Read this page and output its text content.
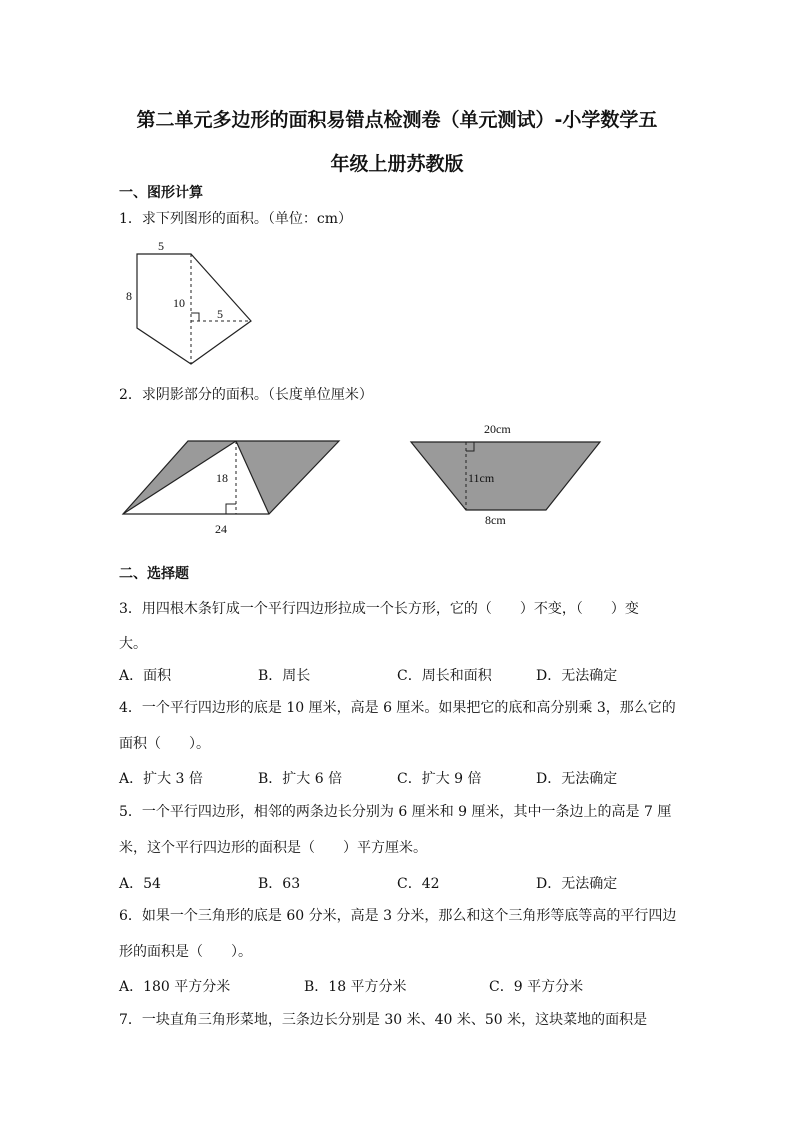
第二单元多边形的面积易错点检测卷（单元测试）-小学数学五
年级上册苏教版
一、图形计算
1．求下列图形的面积。（单位：cm）
5
8	10
5
2．求阴影部分的面积。（长度单位厘米）
18
24
20cm
11cm
8cm
二、选择题
3．用四根木条钉成一个平行四边形拉成一个长方形，它的（　　）不变，（　　）变
大。
A．面积	B．周长	C．周长和面积	D．无法确定
4．一个平行四边形的底是 10 厘米，高是 6 厘米。如果把它的底和高分别乘 3，那么它的
面积（　　）。
A．扩大 3 倍	B．扩大 6 倍	C．扩大 9 倍	D．无法确定
5．一个平行四边形，相邻的两条边长分别为 6 厘米和 9 厘米，其中一条边上的高是 7 厘
米，这个平行四边形的面积是（　　）平方厘米。
A．54	B．63	C．42	D．无法确定
6．如果一个三角形的底是 60 分米，高是 3 分米，那么和这个三角形等底等高的平行四边
形的面积是（　　）。
A．180 平方分米	B．18 平方分米	C．9 平方分米
7．一块直角三角形菜地，三条边长分别是 30 米、40 米、50 米，这块菜地的面积是
